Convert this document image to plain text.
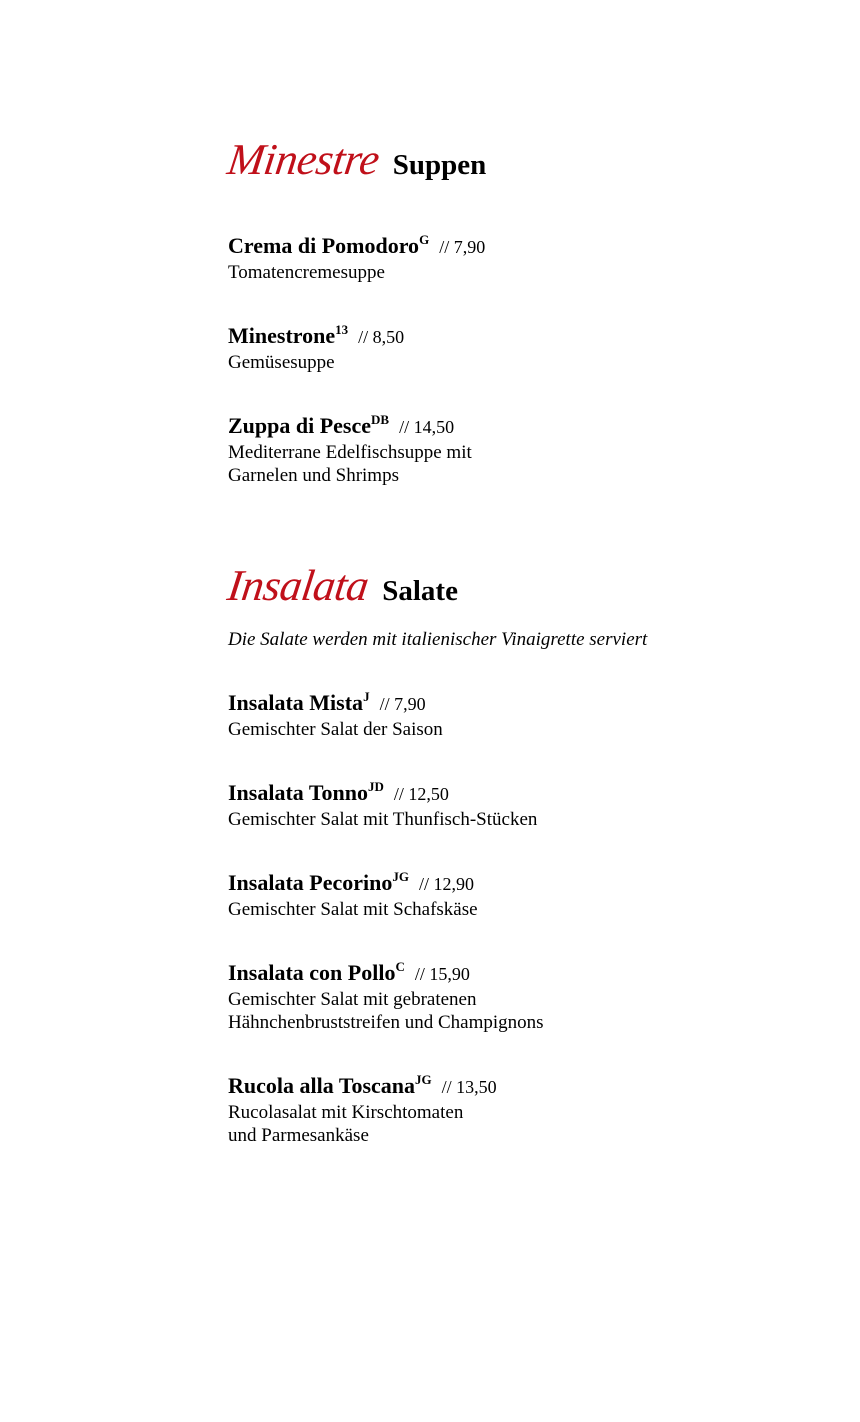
Minestre Suppen
Crema di Pomodoro$^G$ // 7,90
Tomatencremesuppe
Minestrone$^{13}$ // 8,50
Gemüsesuppe
Zuppa di Pesce$^{DB}$ // 14,50
Mediterrane Edelfischsuppe mit
Garnelen und Shrimps
Insalata Salate
Die Salate werden mit italienischer Vinaigrette serviert
Insalata Mista$^J$ // 7,90
Gemischter Salat der Saison
Insalata Tonno$^{JD}$ // 12,50
Gemischter Salat mit Thunfisch-Stücken
Insalata Pecorino$^{JG}$ // 12,90
Gemischter Salat mit Schafskäse
Insalata con Pollo$^C$ // 15,90
Gemischter Salat mit gebratenen
Hähnchenbruststreifen und Champignons
Rucola alla Toscana$^{JG}$ // 13,50
Rucolasalat mit Kirschtomaten
und Parmesankäse
